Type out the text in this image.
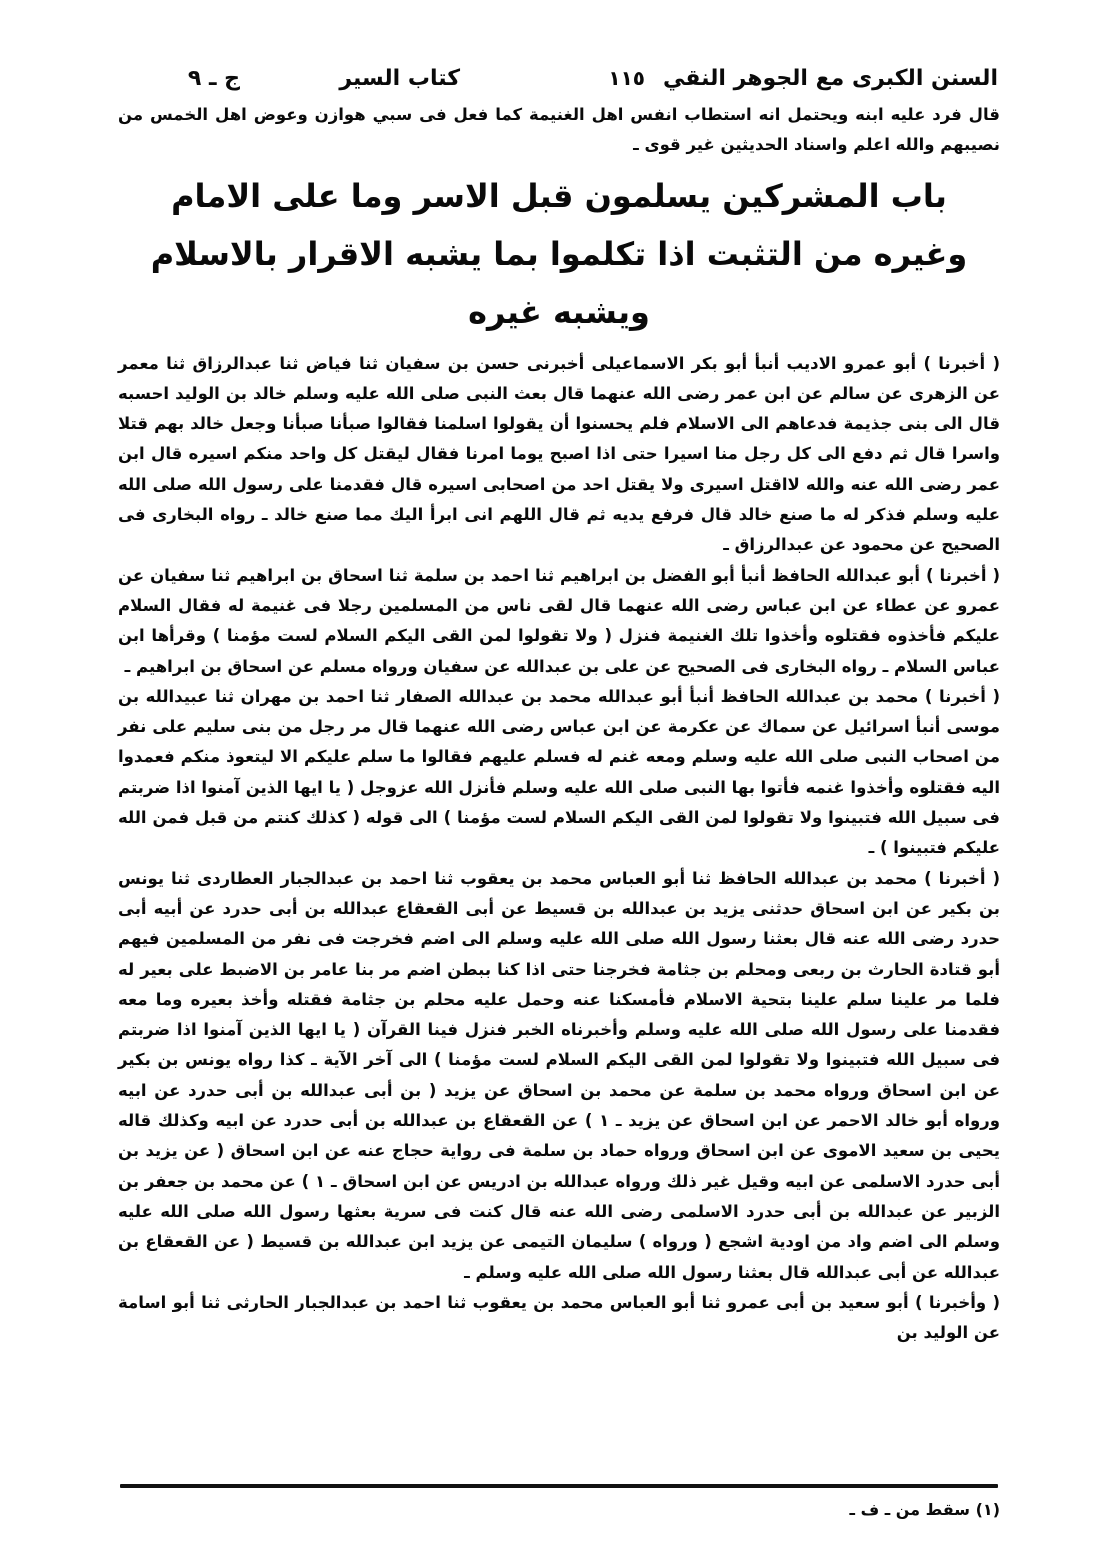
السنن الكبرى مع الجوهر النقي
١١٥
كتاب السير
ج ـ ٩

قال فرد عليه ابنه ويحتمل انه استطاب انفس اهل الغنيمة كما فعل فى سبي هوازن وعوض اهل الخمس من نصيبهم والله اعلم واسناد الحديثين غير قوى ـ

باب المشركين يسلمون قبل الاسر وما على الامام وغيره من التثبت اذا تكلموا بما يشبه الاقرار بالاسلام ويشبه غيره

( أخبرنا ) أبو عمرو الاديب أنبأ أبو بكر الاسماعيلى أخبرنى حسن بن سفيان ثنا فياض ثنا عبدالرزاق ثنا معمر عن الزهرى عن سالم عن ابن عمر رضى الله عنهما قال بعث النبى صلى الله عليه وسلم خالد بن الوليد احسبه قال الى بنى جذيمة فدعاهم الى الاسلام فلم يحسنوا أن يقولوا اسلمنا فقالوا صبأنا صبأنا وجعل خالد بهم قتلا واسرا قال ثم دفع الى كل رجل منا اسيرا حتى اذا اصبح يوما امرنا فقال ليقتل كل واحد منكم اسيره قال ابن عمر رضى الله عنه والله لااقتل اسيرى ولا يقتل احد من اصحابى اسيره قال فقدمنا على رسول الله صلى الله عليه وسلم فذكر له ما صنع خالد قال فرفع يديه ثم قال اللهم انى ابرأ اليك مما صنع خالد ـ رواه البخارى فى الصحيح عن محمود عن عبدالرزاق ـ

( أخبرنا ) أبو عبدالله الحافظ أنبأ أبو الفضل بن ابراهيم ثنا احمد بن سلمة ثنا اسحاق بن ابراهيم ثنا سفيان عن عمرو عن عطاء عن ابن عباس رضى الله عنهما قال لقى ناس من المسلمين رجلا فى غنيمة له فقال السلام عليكم فأخذوه فقتلوه وأخذوا تلك الغنيمة فنزل ( ولا تقولوا لمن القى اليكم السلام لست مؤمنا ) وقرأها ابن عباس السلام ـ رواه البخارى فى الصحيح عن على بن عبدالله عن سفيان ورواه مسلم عن اسحاق بن ابراهيم ـ

( أخبرنا ) محمد بن عبدالله الحافظ أنبأ أبو عبدالله محمد بن عبدالله الصفار ثنا احمد بن مهران ثنا عبيدالله بن موسى أنبأ اسرائيل عن سماك عن عكرمة عن ابن عباس رضى الله عنهما قال مر رجل من بنى سليم على نفر من اصحاب النبى صلى الله عليه وسلم ومعه غنم له فسلم عليهم فقالوا ما سلم عليكم الا ليتعوذ منكم فعمدوا اليه فقتلوه وأخذوا غنمه فأتوا بها النبى صلى الله عليه وسلم فأنزل الله عزوجل ( يا ايها الذين آمنوا اذا ضربتم فى سبيل الله فتبينوا ولا تقولوا لمن القى اليكم السلام لست مؤمنا ) الى قوله ( كذلك كنتم من قبل فمن الله عليكم فتبينوا ) ـ

( أخبرنا ) محمد بن عبدالله الحافظ ثنا أبو العباس محمد بن يعقوب ثنا احمد بن عبدالجبار العطاردى ثنا يونس بن بكير عن ابن اسحاق حدثنى يزيد بن عبدالله بن قسيط عن أبى القعقاع عبدالله بن أبى حدرد عن أبيه أبى حدرد رضى الله عنه قال بعثنا رسول الله صلى الله عليه وسلم الى اضم فخرجت فى نفر من المسلمين فيهم أبو قتادة الحارث بن ربعى ومحلم بن جثامة فخرجنا حتى اذا كنا ببطن اضم مر بنا عامر بن الاضبط على بعير له فلما مر علينا سلم علينا بتحية الاسلام فأمسكنا عنه وحمل عليه محلم بن جثامة فقتله وأخذ بعيره وما معه فقدمنا على رسول الله صلى الله عليه وسلم وأخبرناه الخبر فنزل فينا القرآن ( يا ايها الذين آمنوا اذا ضربتم فى سبيل الله فتبينوا ولا تقولوا لمن القى اليكم السلام لست مؤمنا ) الى آخر الآية ـ كذا رواه يونس بن بكير عن ابن اسحاق ورواه محمد بن سلمة عن محمد بن اسحاق عن يزيد ( بن أبى عبدالله بن أبى حدرد عن ابيه ورواه أبو خالد الاحمر عن ابن اسحاق عن يزيد ـ ١ ) عن القعقاع بن عبدالله بن أبى حدرد عن ابيه وكذلك قاله يحيى بن سعيد الاموى عن ابن اسحاق ورواه حماد بن سلمة فى رواية حجاج عنه عن ابن اسحاق ( عن يزيد بن أبى حدرد الاسلمى عن ابيه وقيل غير ذلك ورواه عبدالله بن ادريس عن ابن اسحاق ـ ١ ) عن محمد بن جعفر بن الزبير عن عبدالله بن أبى حدرد الاسلمى رضى الله عنه قال كنت فى سرية بعثها رسول الله صلى الله عليه وسلم الى اضم واد من اودية اشجع ( ورواه ) سليمان التيمى عن يزيد ابن عبدالله بن قسيط ( عن القعقاع بن عبدالله عن أبى عبدالله قال بعثنا رسول الله صلى الله عليه وسلم ـ

( وأخبرنا ) أبو سعيد بن أبى عمرو ثنا أبو العباس محمد بن يعقوب ثنا احمد بن عبدالجبار الحارثى ثنا أبو اسامة عن الوليد بن

(١) سقط من ـ ف ـ
